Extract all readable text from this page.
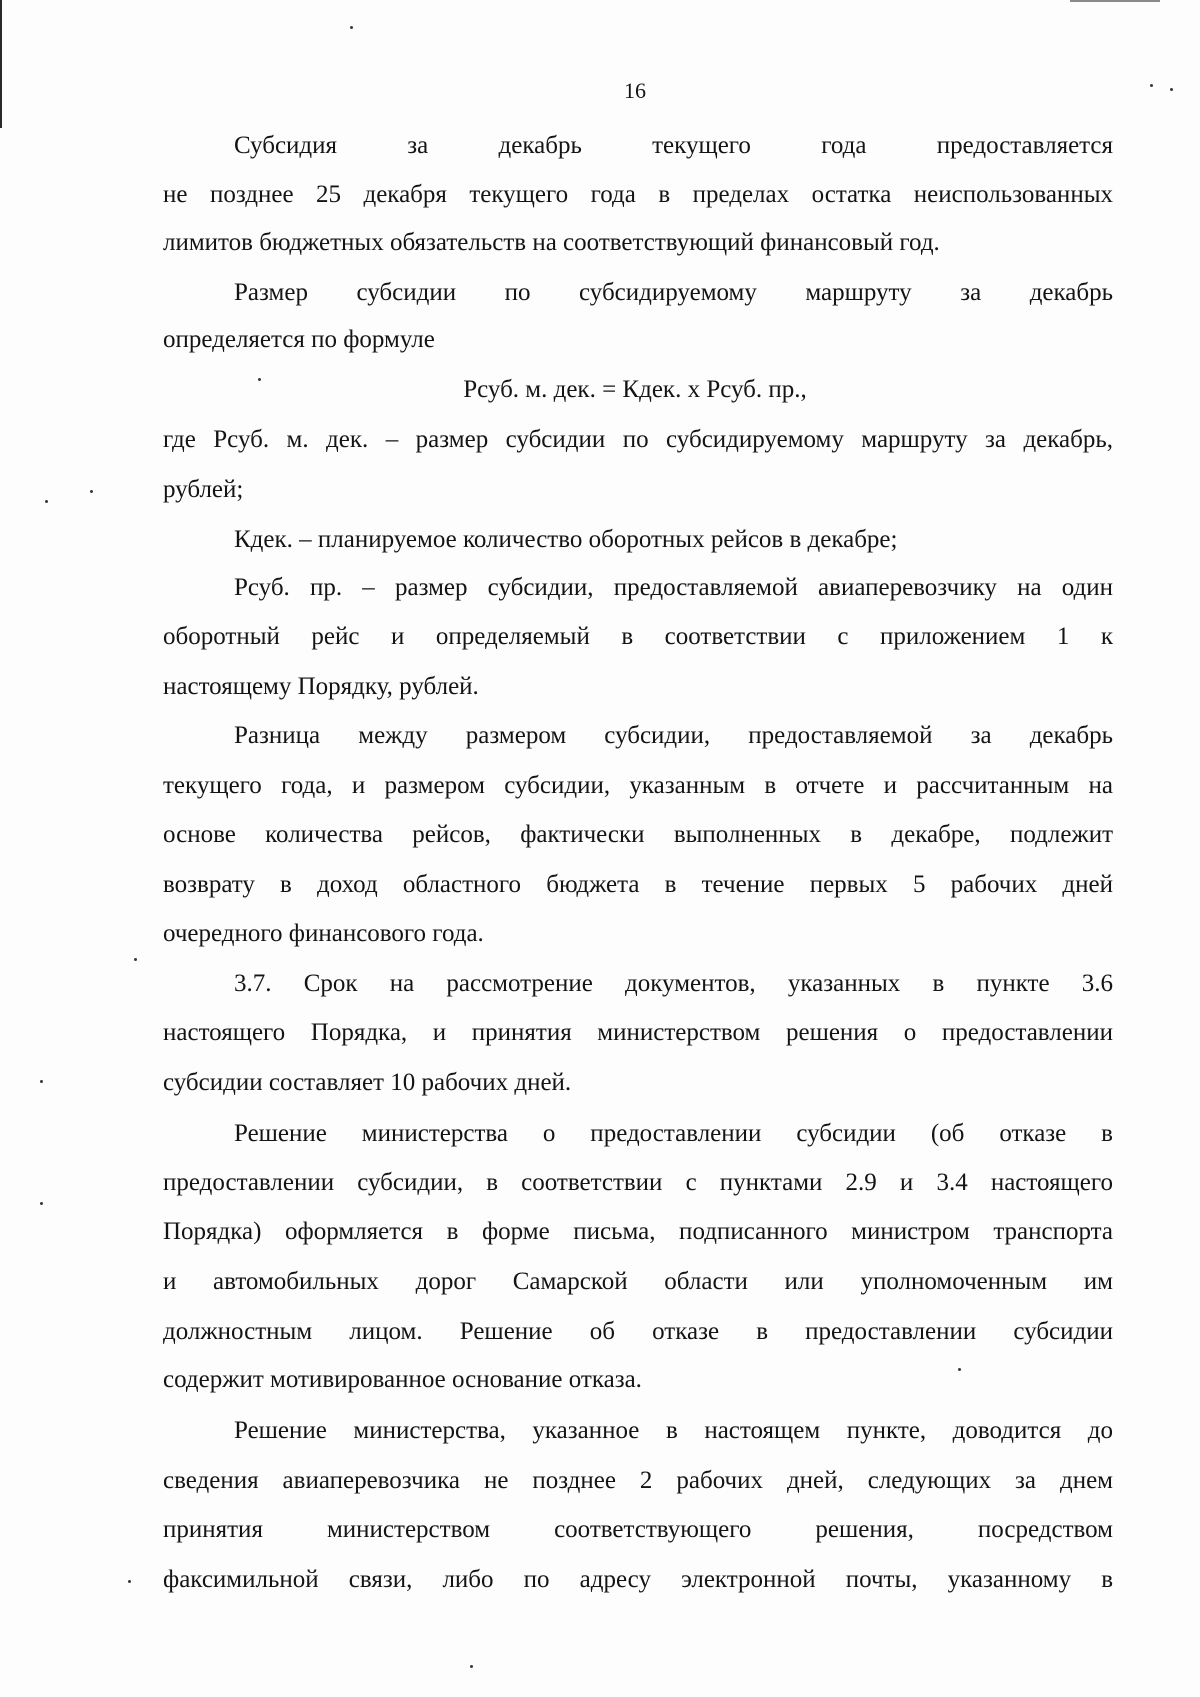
16
Субсидия за декабрь текущего года предоставляется
не позднее 25 декабря текущего года в пределах остатка неиспользованных
лимитов бюджетных обязательств на соответствующий финансовый год.
Размер субсидии по субсидируемому маршруту за декабрь
определяется по формуле
Рсуб. м. дек. = Кдек. х Рсуб. пр.,
где Рсуб. м. дек. – размер субсидии по субсидируемому маршруту за декабрь,
рублей;
Кдек. – планируемое количество оборотных рейсов в декабре;
Рсуб. пр. – размер субсидии, предоставляемой авиаперевозчику на один
оборотный рейс и определяемый в соответствии с приложением 1 к
настоящему Порядку, рублей.
Разница между размером субсидии, предоставляемой за декабрь
текущего года, и размером субсидии, указанным в отчете и рассчитанным на
основе количества рейсов, фактически выполненных в декабре, подлежит
возврату в доход областного бюджета в течение первых 5 рабочих дней
очередного финансового года.
3.7. Срок на рассмотрение документов, указанных в пункте 3.6
настоящего Порядка, и принятия министерством решения о предоставлении
субсидии составляет 10 рабочих дней.
Решение министерства о предоставлении субсидии (об отказе в
предоставлении субсидии, в соответствии с пунктами 2.9 и 3.4 настоящего
Порядка) оформляется в форме письма, подписанного министром транспорта
и автомобильных дорог Самарской области или уполномоченным им
должностным лицом. Решение об отказе в предоставлении субсидии
содержит мотивированное основание отказа.
Решение министерства, указанное в настоящем пункте, доводится до
сведения авиаперевозчика не позднее 2 рабочих дней, следующих за днем
принятия министерством соответствующего решения, посредством
факсимильной связи, либо по адресу электронной почты, указанному в
